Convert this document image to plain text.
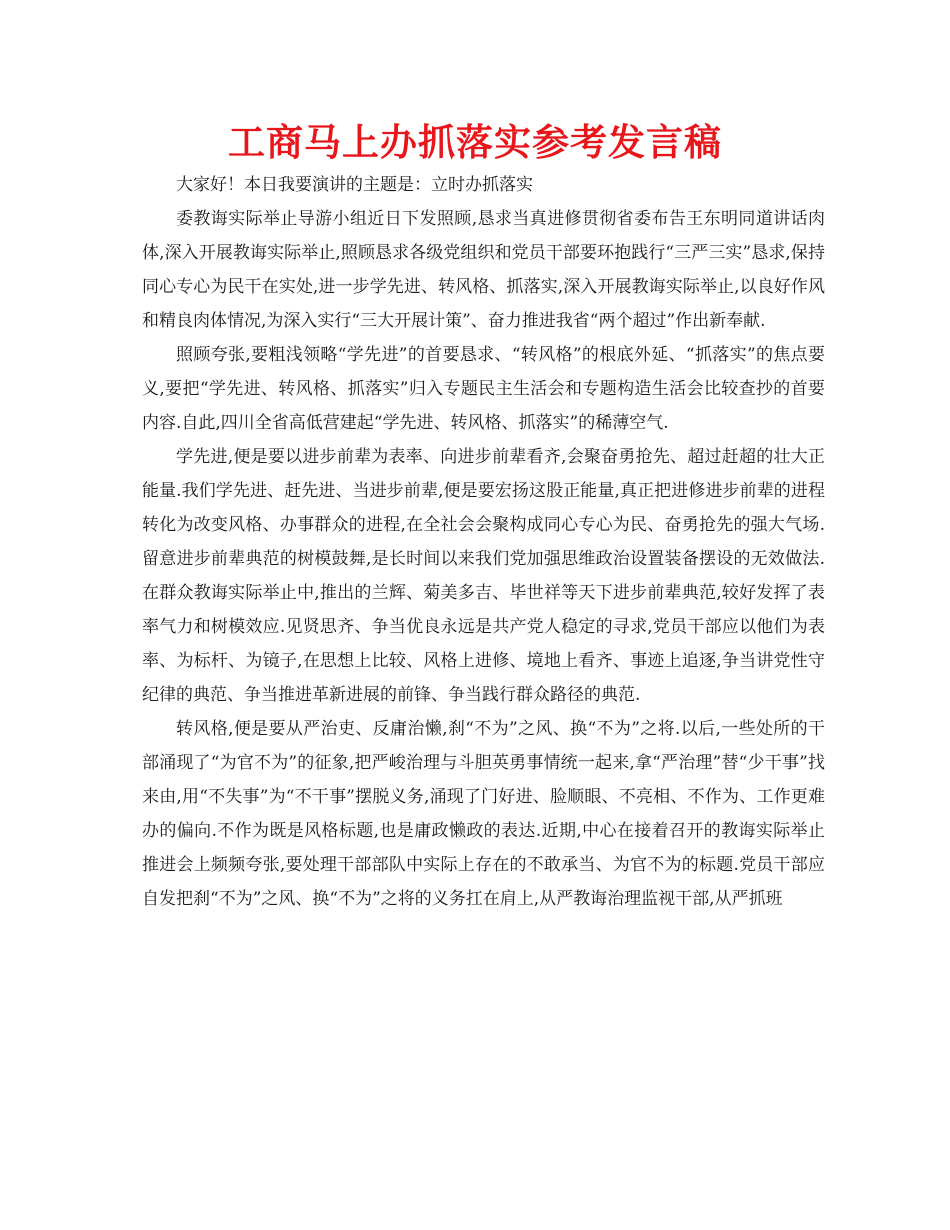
工商马上办抓落实参考发言稿

大家好！本日我要演讲的主题是：立时办抓落实

委教诲实际举止导游小组近日下发照顾,恳求当真进修贯彻省委布告王东明同道讲话肉体,深入开展教诲实际举止,照顾恳求各级党组织和党员干部要环抱践行“三严三实”恳求,保持同心专心为民干在实处,进一步学先进、转风格、抓落实,深入开展教诲实际举止,以良好作风和精良肉体情况,为深入实行“三大开展计策”、奋力推进我省“两个超过”作出新奉献.

照顾夸张,要粗浅领略“学先进”的首要恳求、“转风格”的根底外延、“抓落实”的焦点要义,要把“学先进、转风格、抓落实”归入专题民主生活会和专题构造生活会比较查抄的首要内容.自此,四川全省高低营建起“学先进、转风格、抓落实”的稀薄空气.

学先进,便是要以进步前辈为表率、向进步前辈看齐,会聚奋勇抢先、超过赶超的壮大正能量.我们学先进、赶先进、当进步前辈,便是要宏扬这股正能量,真正把进修进步前辈的进程转化为改变风格、办事群众的进程,在全社会会聚构成同心专心为民、奋勇抢先的强大气场.留意进步前辈典范的树模鼓舞,是长时间以来我们党加强思维政治设置装备摆设的无效做法.在群众教诲实际举止中,推出的兰辉、菊美多吉、毕世祥等天下进步前辈典范,较好发挥了表率气力和树模效应.见贤思齐、争当优良永远是共产党人稳定的寻求,党员干部应以他们为表率、为标杆、为镜子,在思想上比较、风格上进修、境地上看齐、事迹上追逐,争当讲党性守纪律的典范、争当推进革新进展的前锋、争当践行群众路径的典范.

转风格,便是要从严治吏、反庸治懒,刹“不为”之风、换“不为”之将.以后,一些处所的干部涌现了“为官不为”的征象,把严峻治理与斗胆英勇事情统一起来,拿“严治理”替“少干事”找来由,用“不失事”为“不干事”摆脱义务,涌现了门好进、脸顺眼、不亮相、不作为、工作更难办的偏向.不作为既是风格标题,也是庸政懒政的表达.近期,中心在接着召开的教诲实际举止推进会上频频夸张,要处理干部部队中实际上存在的不敢承当、为官不为的标题.党员干部应自发把刹“不为”之风、换“不为”之将的义务扛在肩上,从严教诲治理监视干部,从严抓班
